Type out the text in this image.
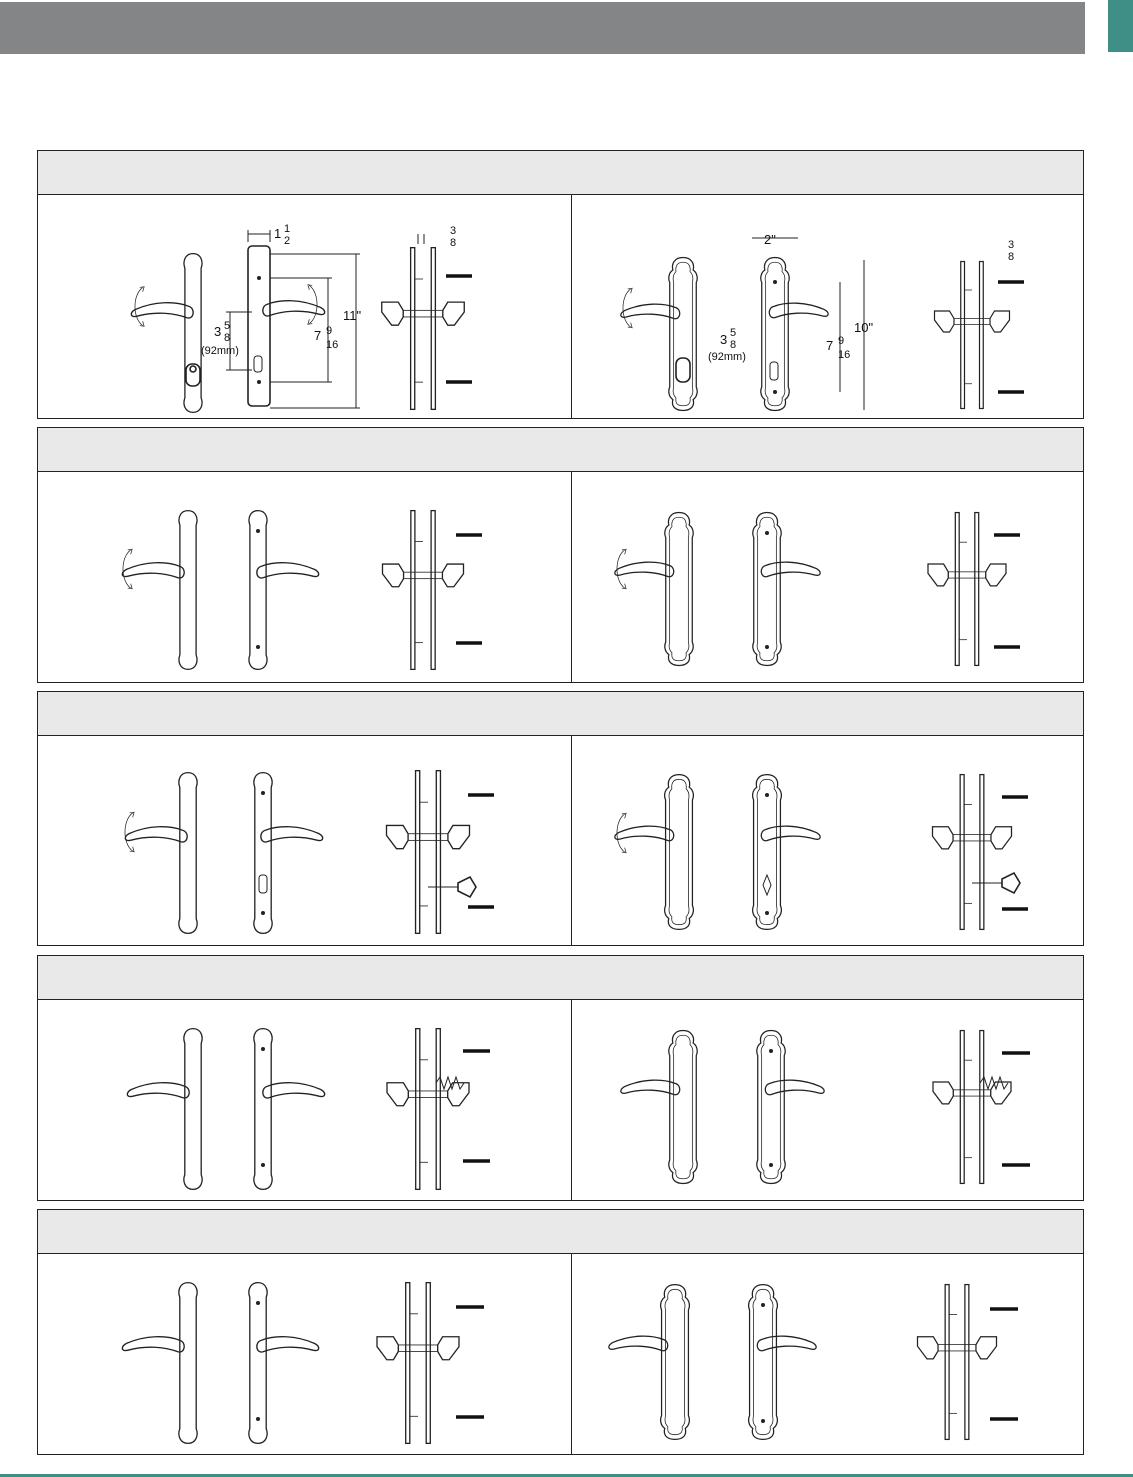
1 1
2
7 9
16
11"
3 5
8
(92mm)
3
8	2"
7 9
16
10"
3 5
8
(92mm)
3
8
